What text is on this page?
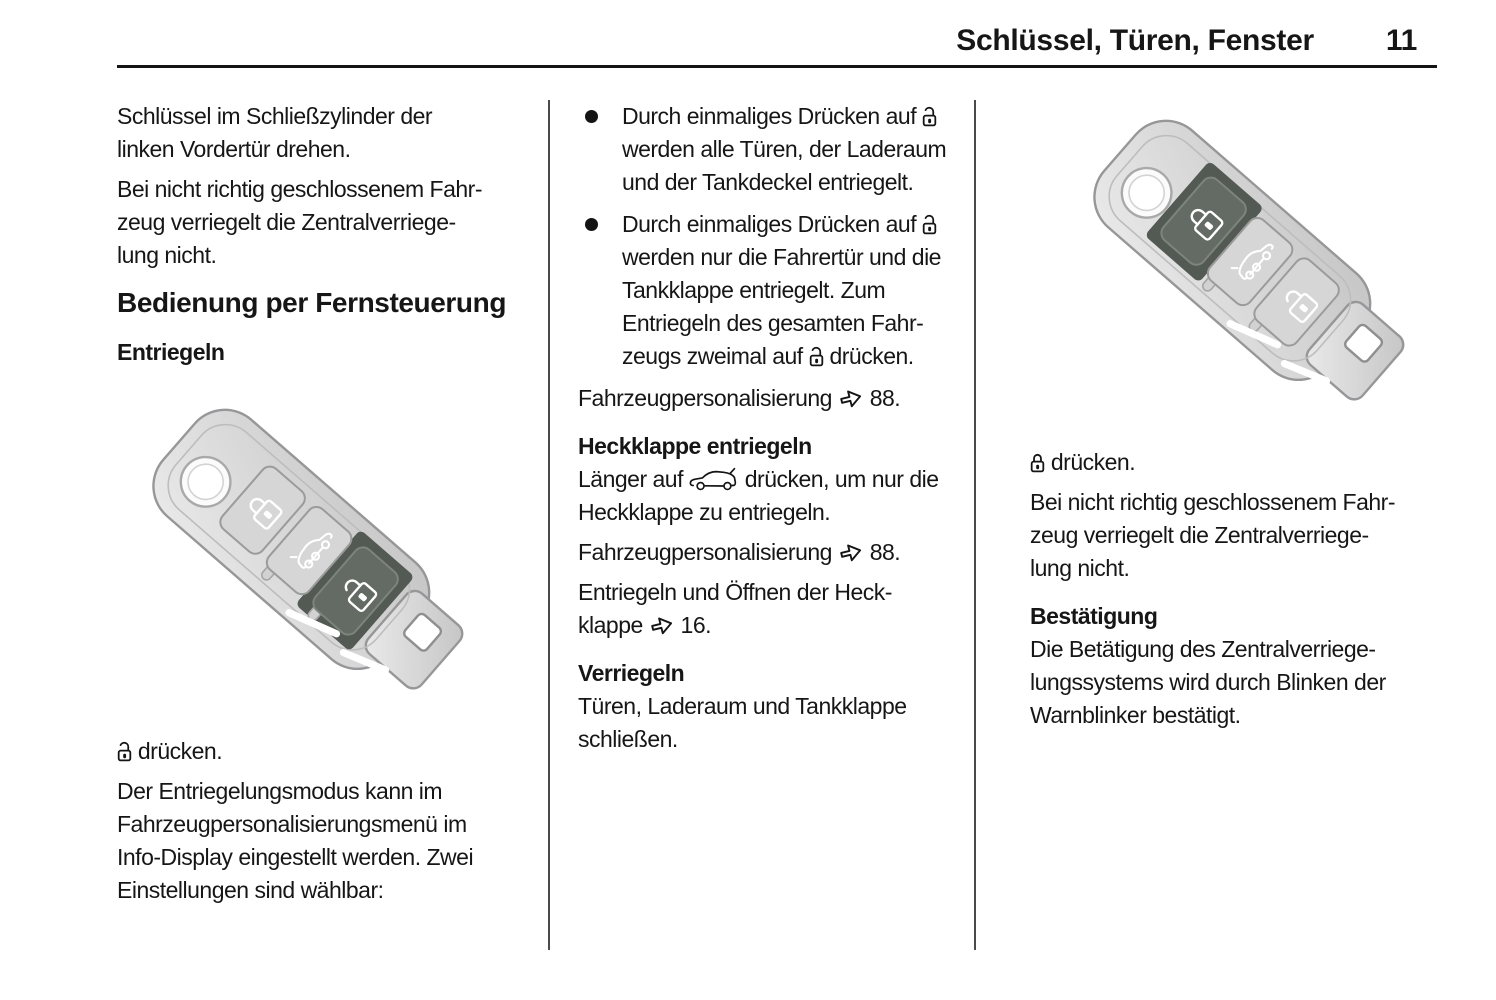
Schlüssel, Türen, Fenster 11

Schlüssel im Schließzylinder der
linken Vordertür drehen.

Bei nicht richtig geschlossenem Fahr-
zeug verriegelt die Zentralverriege-
lung nicht.

Bedienung per Fernsteuerung
Entriegeln

drücken.

Der Entriegelungsmodus kann im
Fahrzeugpersonalisierungsmenü im
Info-Display eingestellt werden. Zwei
Einstellungen sind wählbar:

Durch einmaliges Drücken auf
werden alle Türen, der Laderaum
und der Tankdeckel entriegelt.

Durch einmaliges Drücken auf
werden nur die Fahrertür und die
Tankklappe entriegelt. Zum
Entriegeln des gesamten Fahr-
zeugs zweimal auf  drücken.

Fahrzeugpersonalisierung  88.

Heckklappe entriegeln

Länger auf  drücken, um nur die
Heckklappe zu entriegeln.

Fahrzeugpersonalisierung  88.

Entriegeln und Öffnen der Heck-
klappe  16.

Verriegeln

Türen, Laderaum und Tankklappe
schließen.

drücken.

Bei nicht richtig geschlossenem Fahr-
zeug verriegelt die Zentralverriege-
lung nicht.

Bestätigung

Die Betätigung des Zentralverriege-
lungssystems wird durch Blinken der
Warnblinker bestätigt.
